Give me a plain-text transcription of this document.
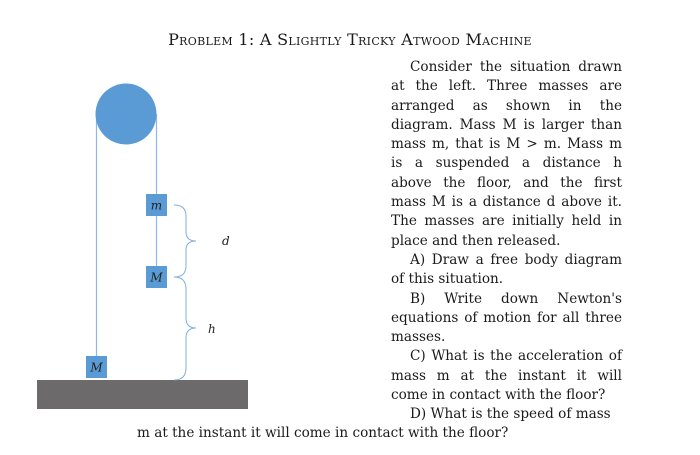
Problem 1: A Slightly Tricky Atwood Machine
m
M
M
d
h

Consider the situation drawn at the left. Three masses are arranged as shown in the diagram. Mass M is larger than mass m, that is M > m. Mass m is a suspended a distance h above the floor, and the first mass M is a distance d above it. The masses are initially held in place and then released.

A) Draw a free body diagram of this situation.

B) Write down Newton's equations of motion for all three masses.

C) What is the acceleration of mass m at the instant it will come in contact with the floor?

D) What is the speed of mass

m at the instant it will come in contact with the floor?
